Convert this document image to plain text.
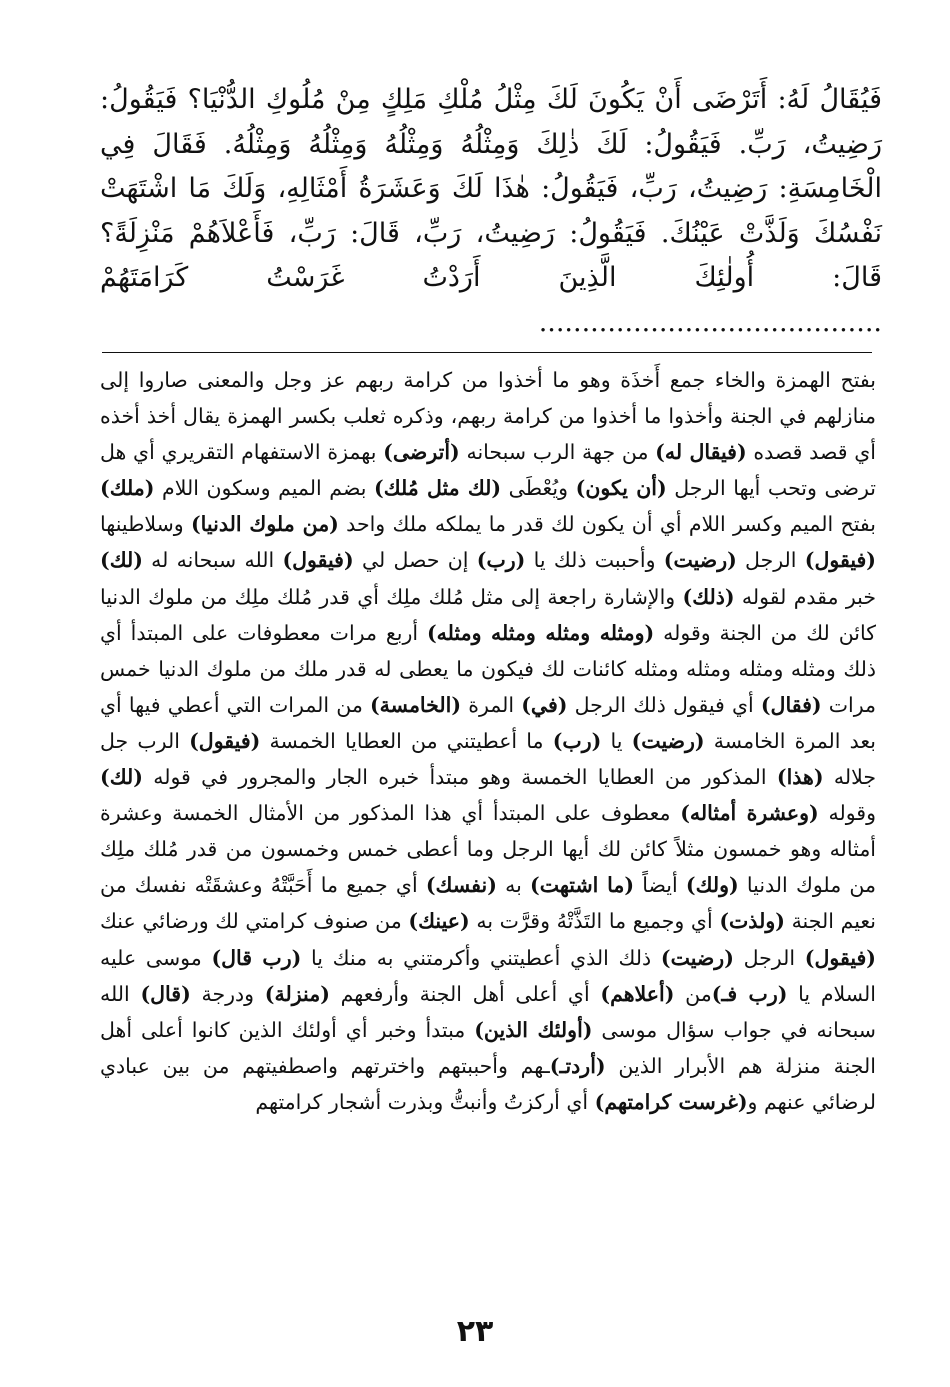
فَيُقَالُ لَهُ: أَتَرْضَى أَنْ يَكُونَ لَكَ مِثْلُ مُلْكِ مَلِكٍ مِنْ مُلُوكِ الدُّنْيَا؟ فَيَقُولُ: رَضِيتُ، رَبِّ. فَيَقُولُ: لَكَ ذٰلِكَ وَمِثْلُهُ وَمِثْلُهُ وَمِثْلُهُ وَمِثْلُهُ. فَقَالَ فِي الْخَامِسَةِ: رَضِيتُ، رَبِّ، فَيَقُولُ: هٰذَا لَكَ وَعَشَرَةُ أَمْثَالِهِ، وَلَكَ مَا اشْتَهَتْ نَفْسُكَ وَلَذَّتْ عَيْنُكَ. فَيَقُولُ: رَضِيتُ، رَبِّ، قَالَ: رَبِّ، فَأَعْلاَهُمْ مَنْزِلَةً؟ قَالَ: أُولٰئِكَ الَّذِينَ أَرَدْتُ غَرَسْتُ كَرَامَتَهُمْ ........................................

بفتح الهمزة والخاء جمع أَخذَة وهو ما أخذوا من كرامة ربهم عز وجل والمعنى صاروا إلى منازلهم في الجنة وأخذوا ما أخذوا من كرامة ربهم، وذكره ثعلب بكسر الهمزة يقال أخذ أخذه أي قصد قصده (فيقال له) من جهة الرب سبحانه (أترضى) بهمزة الاستفهام التقريري أي هل ترضى وتحب أيها الرجل (أن يكون) ويُعْطَى (لك مثل مُلك) بضم الميم وسكون اللام (ملك) بفتح الميم وكسر اللام أي أن يكون لك قدر ما يملكه ملك واحد (من ملوك الدنيا) وسلاطينها (فيقول) الرجل (رضيت) وأحببت ذلك يا (رب) إن حصل لي (فيقول) الله سبحانه له (لك) خبر مقدم لقوله (ذلك) والإشارة راجعة إلى مثل مُلك ملِك أي قدر مُلك ملِك من ملوك الدنيا كائن لك من الجنة وقوله (ومثله ومثله ومثله ومثله) أربع مرات معطوفات على المبتدأ أي ذلك ومثله ومثله ومثله ومثله كائنات لك فيكون ما يعطى له قدر ملك من ملوك الدنيا خمس مرات (فقال) أي فيقول ذلك الرجل (في) المرة (الخامسة) من المرات التي أعطي فيها أي بعد المرة الخامسة (رضيت) يا (رب) ما أعطيتني من العطايا الخمسة (فيقول) الرب جل جلاله (هذا) المذكور من العطايا الخمسة وهو مبتدأ خبره الجار والمجرور في قوله (لك) وقوله (وعشرة أمثاله) معطوف على المبتدأ أي هذا المذكور من الأمثال الخمسة وعشرة أمثاله وهو خمسون مثلاً كائن لك أيها الرجل وما أعطى خمس وخمسون من قدر مُلك ملِك من ملوك الدنيا (ولك) أيضاً (ما اشتهت) به (نفسك) أي جميع ما أَحَبَّتْهُ وعشقَتْه نفسك من نعيم الجنة (ولذت) أي وجميع ما التَذَّتْهُ وقرَّت به (عينك) من صنوف كرامتي لك ورضائي عنك (فيقول) الرجل (رضيت) ذلك الذي أعطيتني وأكرمتني به منك يا (رب قال) موسى عليه السلام يا (رب فـ)من (أعلاهم) أي أعلى أهل الجنة وأرفعهم (منزلة) ودرجة (قال) الله سبحانه في جواب سؤال موسى (أولئك الذين) مبتدأ وخبر أي أولئك الذين كانوا أعلى أهل الجنة منزلة هم الأبرار الذين (أردتـ)ـهم وأحببتهم واخترتهم واصطفيتهم من بين عبادي لرضائي عنهم و(غرست كرامتهم) أي أركزتُ وأنبتُّ وبذرت أشجار كرامتهم

٢٣
